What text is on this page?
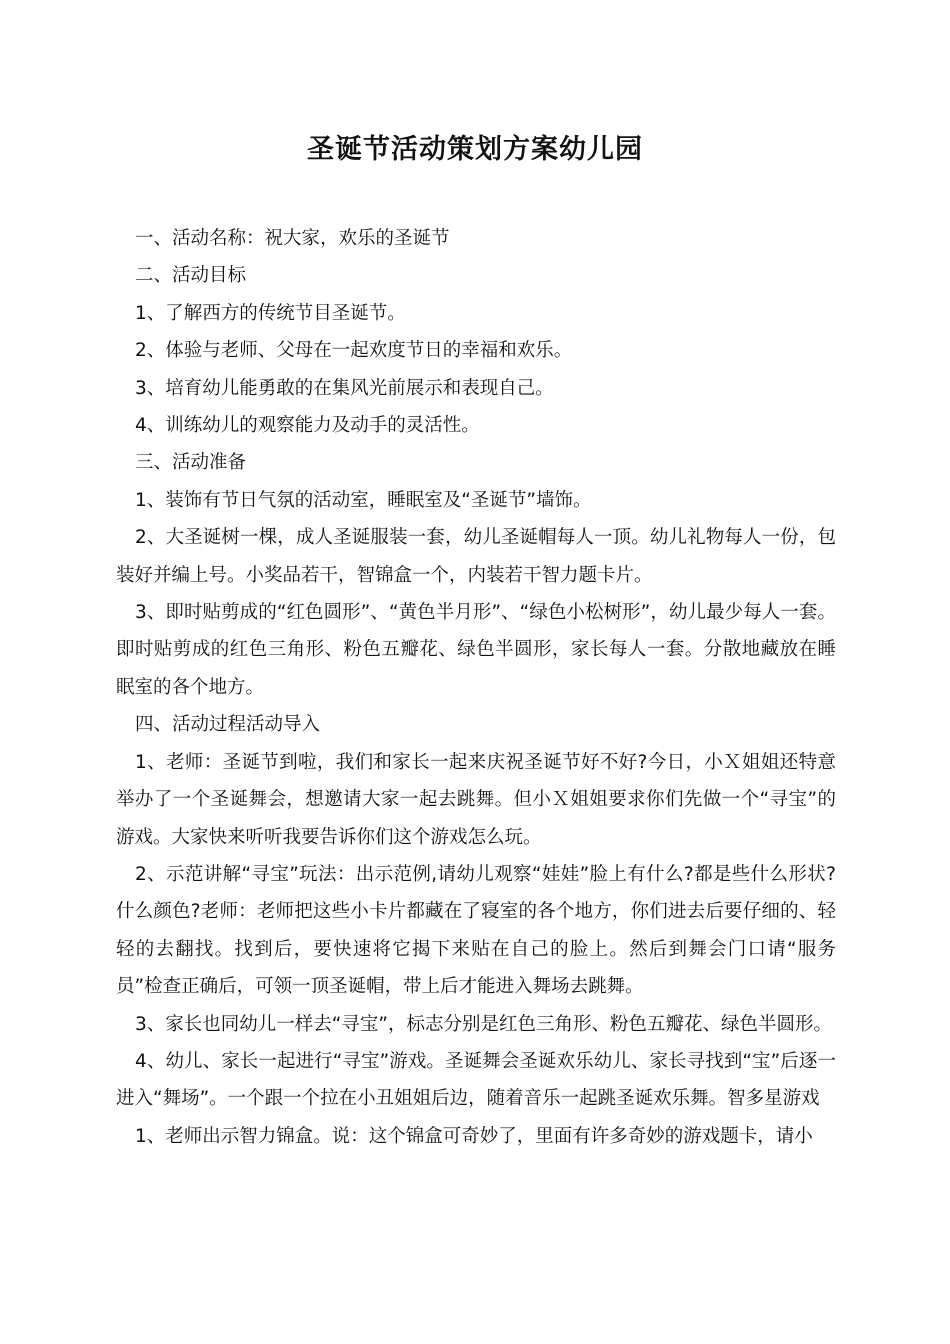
圣诞节活动策划方案幼儿园

一、活动名称：祝大家，欢乐的圣诞节

二、活动目标

1、了解西方的传统节目圣诞节。

2、体验与老师、父母在一起欢度节日的幸福和欢乐。

3、培育幼儿能勇敢的在集风光前展示和表现自己。

4、训练幼儿的观察能力及动手的灵活性。

三、活动准备

1、装饰有节日气氛的活动室，睡眠室及“圣诞节”墙饰。

2、大圣诞树一棵，成人圣诞服装一套，幼儿圣诞帽每人一顶。幼儿礼物每人一份，包装好并编上号。小奖品若干，智锦盒一个，内装若干智力题卡片。

3、即时贴剪成的“红色圆形”、“黄色半月形”、“绿色小松树形”，幼儿最少每人一套。即时贴剪成的红色三角形、粉色五瓣花、绿色半圆形，家长每人一套。分散地藏放在睡眠室的各个地方。

四、活动过程活动导入

1、老师：圣诞节到啦，我们和家长一起来庆祝圣诞节好不好?今日，小Ｘ姐姐还特意举办了一个圣诞舞会，想邀请大家一起去跳舞。但小Ｘ姐姐要求你们先做一个“寻宝”的游戏。大家快来听听我要告诉你们这个游戏怎么玩。

2、示范讲解“寻宝”玩法：出示范例,请幼儿观察“娃娃”脸上有什么?都是些什么形状?什么颜色?老师：老师把这些小卡片都藏在了寝室的各个地方，你们进去后要仔细的、轻轻的去翻找。找到后，要快速将它揭下来贴在自己的脸上。然后到舞会门口请“服务员”检查正确后，可领一顶圣诞帽，带上后才能进入舞场去跳舞。

3、家长也同幼儿一样去“寻宝”，标志分别是红色三角形、粉色五瓣花、绿色半圆形。

4、幼儿、家长一起进行“寻宝”游戏。圣诞舞会圣诞欢乐幼儿、家长寻找到“宝”后逐一进入“舞场”。一个跟一个拉在小丑姐姐后边，随着音乐一起跳圣诞欢乐舞。智多星游戏

1、老师出示智力锦盒。说：这个锦盒可奇妙了，里面有许多奇妙的游戏题卡，请小
